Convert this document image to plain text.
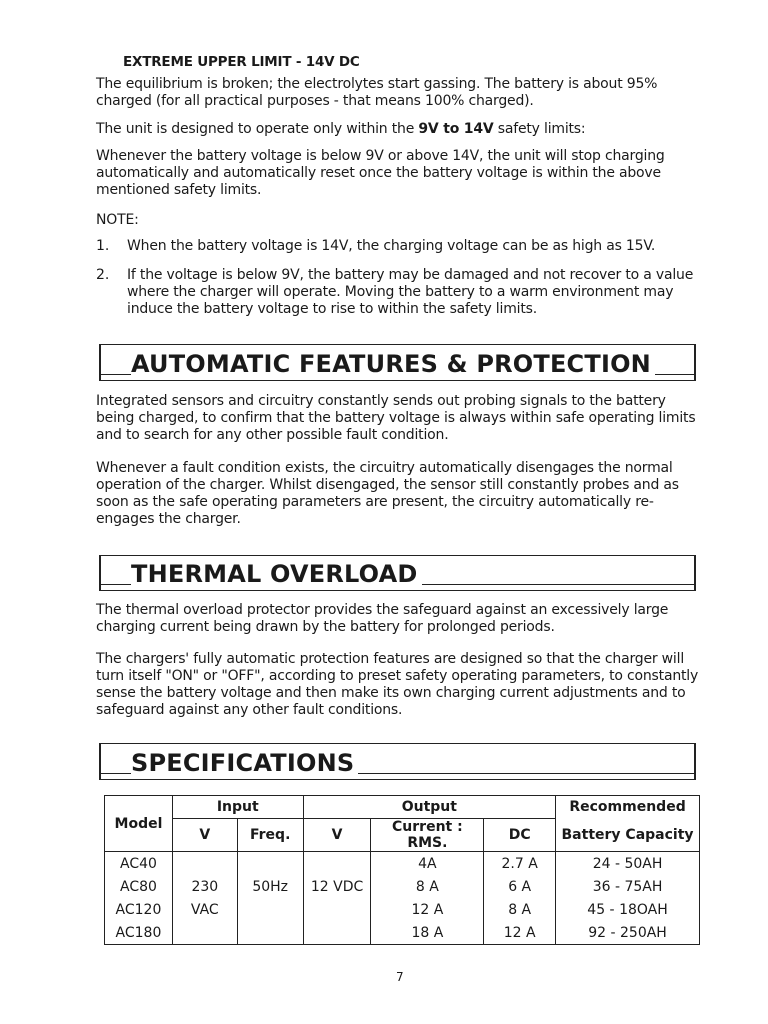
EXTREME UPPER LIMIT - 14V DC
The equilibrium is broken; the electrolytes start gassing. The battery is about 95% charged (for all practical purposes - that means 100% charged).
The unit is designed to operate only within the 9V to 14V safety limits:
Whenever the battery voltage is below 9V or above 14V, the unit will stop charging automatically and automatically reset once the battery voltage is within the above mentioned safety limits.
NOTE:
1. When the battery voltage is 14V, the charging voltage can be as high as 15V.
2. If the voltage is below 9V, the battery may be damaged and not recover to a value where the charger will operate. Moving the battery to a warm environment may induce the battery voltage to rise to within the safety limits.
AUTOMATIC FEATURES & PROTECTION
Integrated sensors and circuitry constantly sends out probing signals to the battery being charged, to confirm that the battery voltage is always within safe operating limits and to search for any other possible fault condition.
Whenever a fault condition exists, the circuitry automatically disengages the normal operation of the charger. Whilst disengaged, the sensor still constantly probes and as soon as the safe operating parameters are present, the circuitry automatically re-engages the charger.
THERMAL OVERLOAD
The thermal overload protector provides the safeguard against an excessively large charging current being drawn by the battery for prolonged periods.
The chargers' fully automatic protection features are designed so that the charger will turn itself "ON" or "OFF", according to preset safety operating parameters, to constantly sense the battery voltage and then make its own charging current adjustments and to safeguard against any other fault conditions.
SPECIFICATIONS
Model	Input		Output			Recommended
	V	Freq.	V	Current : RMS.	DC	Battery Capacity
AC40				4A	2.7 A	24 - 50AH
AC80	230	50Hz	12 VDC	8 A	6 A	36 - 75AH
AC120	VAC			12 A	8 A	45 - 18OAH
AC180				18 A	12 A	92 - 250AH
7
